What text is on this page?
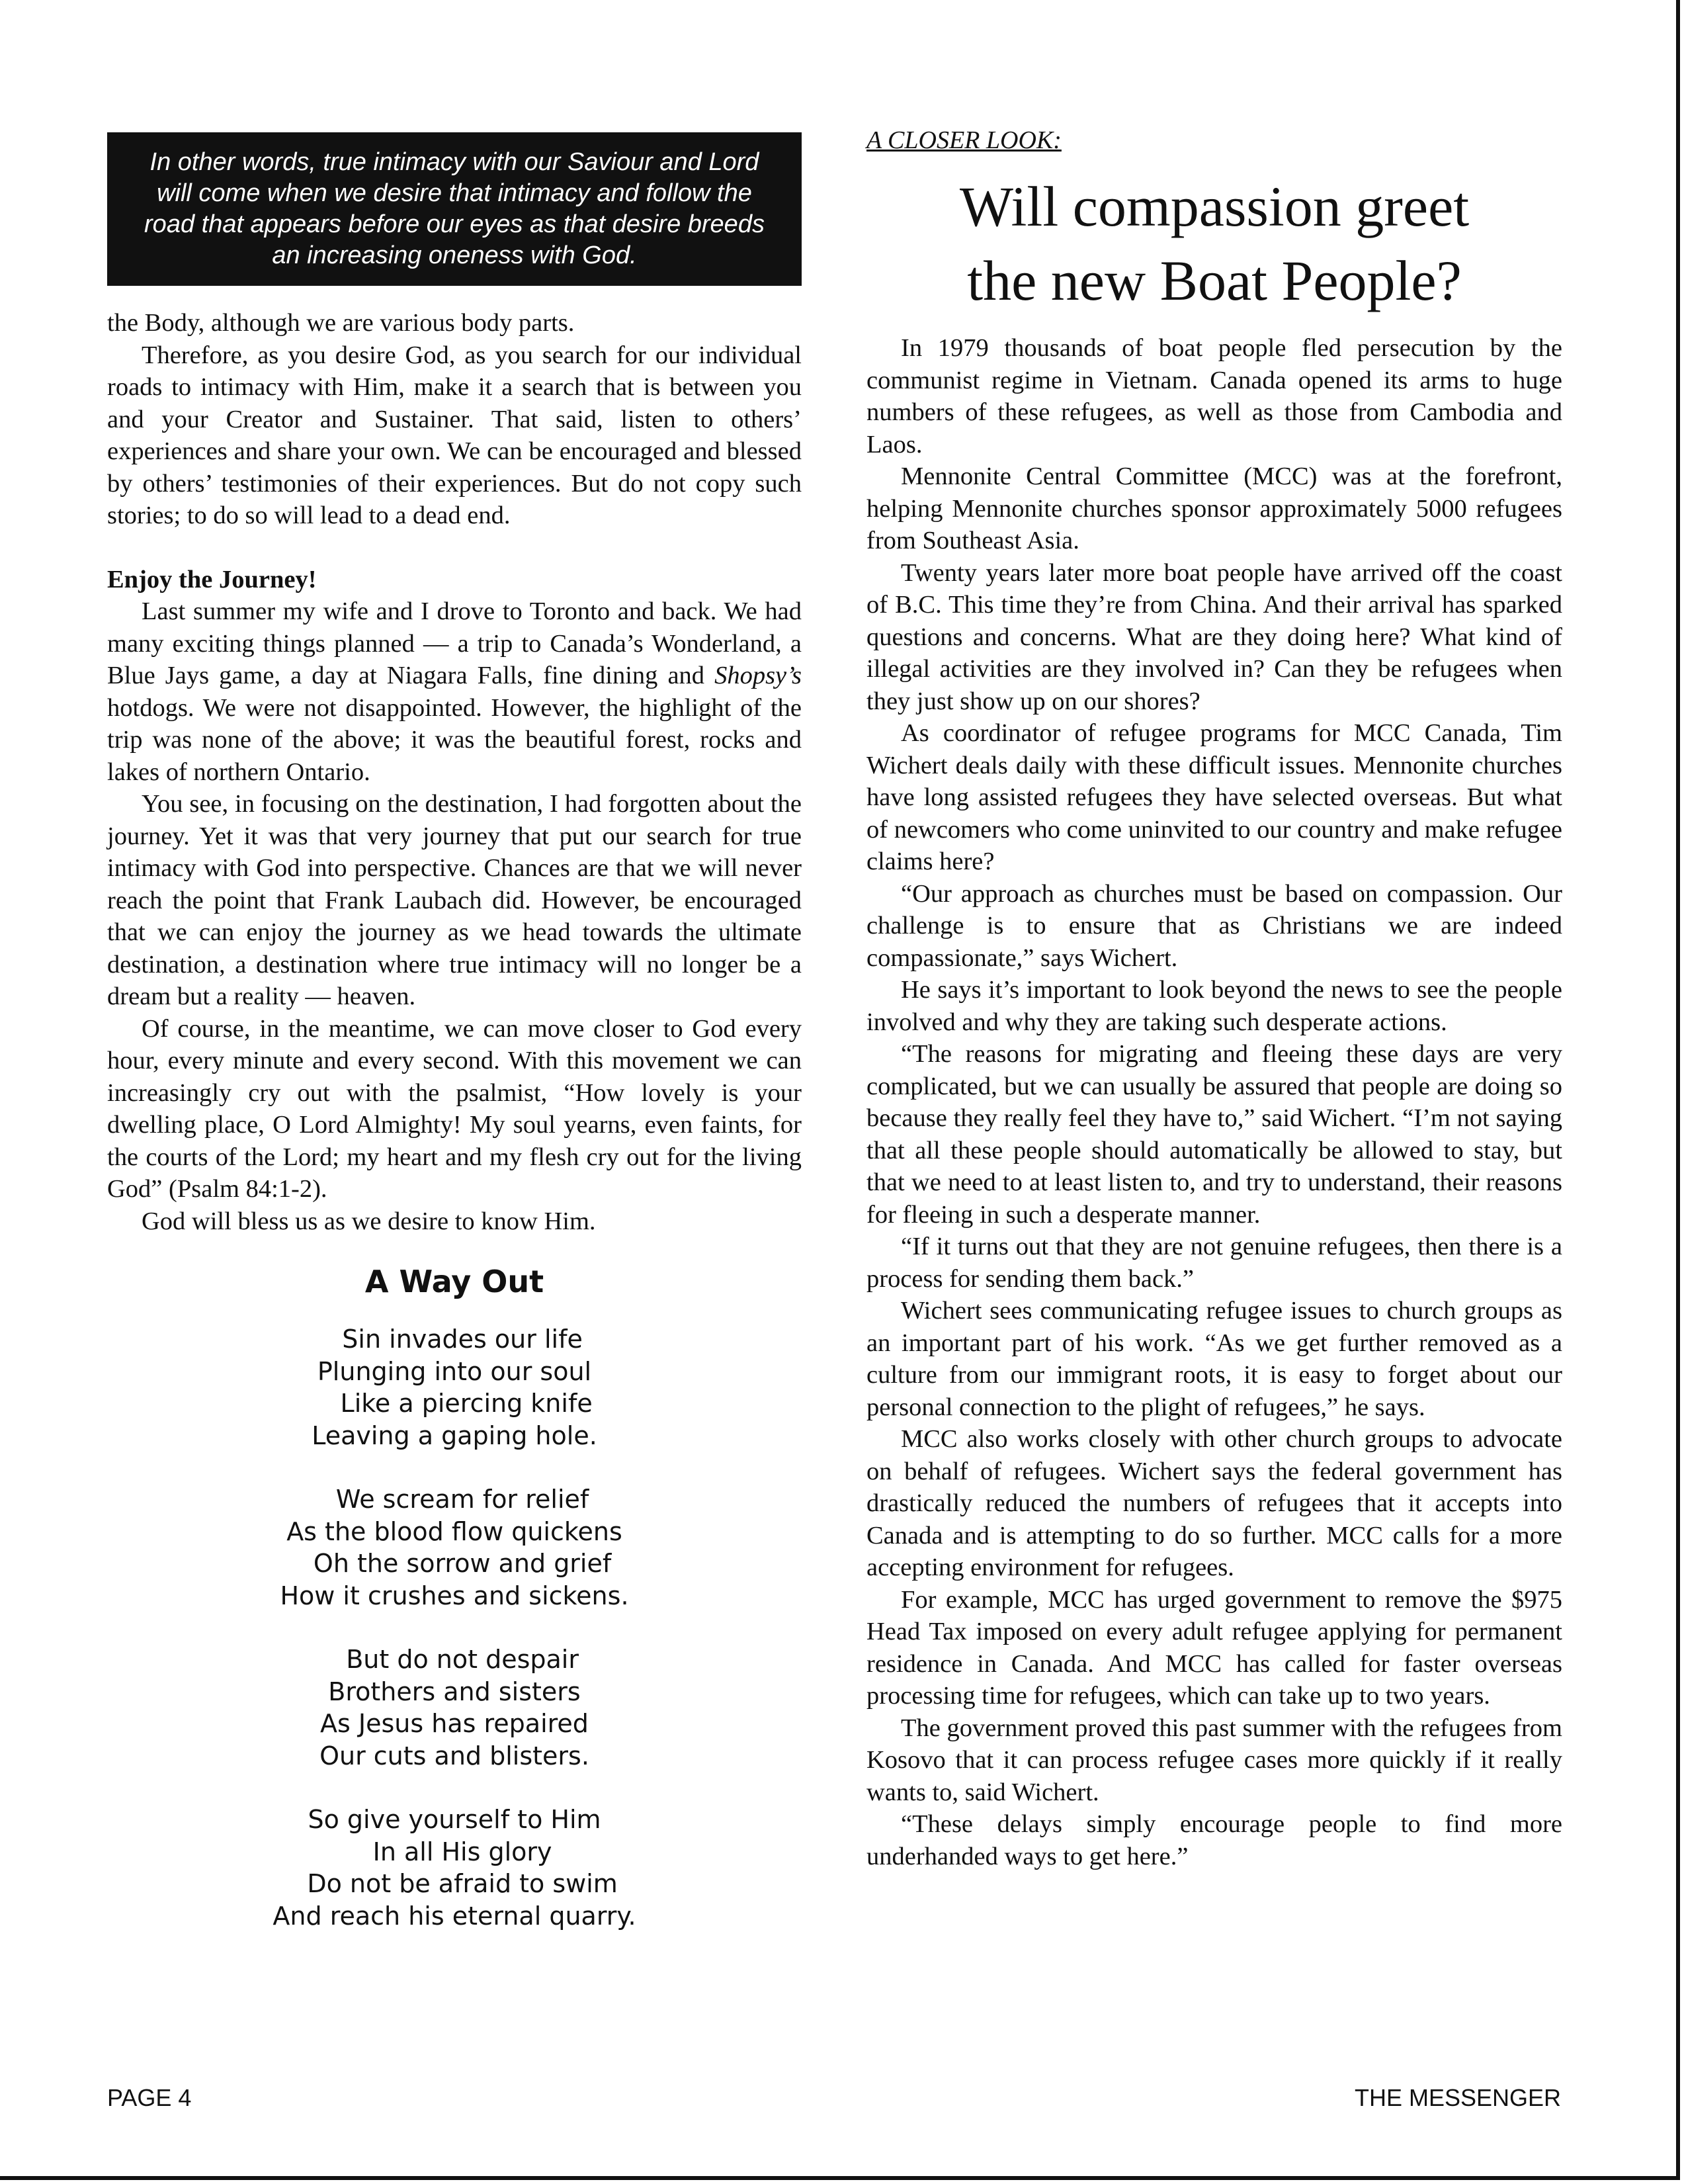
In other words, true intimacy with our Saviour and Lord will come when we desire that intimacy and follow the road that appears before our eyes as that desire breeds an increasing oneness with God.

the Body, although we are various body parts.

Therefore, as you desire God, as you search for our individual roads to intimacy with Him, make it a search that is between you and your Creator and Sustainer. That said, listen to others’ experiences and share your own. We can be encouraged and blessed by others’ testimonies of their experiences. But do not copy such stories; to do so will lead to a dead end.

Enjoy the Journey!

Last summer my wife and I drove to Toronto and back. We had many exciting things planned — a trip to Canada’s Wonderland, a Blue Jays game, a day at Niagara Falls, fine dining and Shopsy’s hotdogs. We were not disappointed. However, the highlight of the trip was none of the above; it was the beautiful forest, rocks and lakes of northern Ontario.

You see, in focusing on the destination, I had forgotten about the journey. Yet it was that very journey that put our search for true intimacy with God into perspective. Chances are that we will never reach the point that Frank Laubach did. However, be encouraged that we can enjoy the journey as we head towards the ultimate destination, a destination where true intimacy will no longer be a dream but a reality — heaven.

Of course, in the meantime, we can move closer to God every hour, every minute and every second. With this movement we can increasingly cry out with the psalmist, “How lovely is your dwelling place, O Lord Almighty! My soul yearns, even faints, for the courts of the Lord; my heart and my flesh cry out for the living God” (Psalm 84:1-2).

God will bless us as we desire to know Him.

A Way Out
Sin invades our life
Plunging into our soul
Like a piercing knife
Leaving a gaping hole.
We scream for relief
As the blood flow quickens
Oh the sorrow and grief
How it crushes and sickens.
But do not despair
Brothers and sisters
As Jesus has repaired
Our cuts and blisters.
So give yourself to Him
In all His glory
Do not be afraid to swim
And reach his eternal quarry.
A CLOSER LOOK:
Will compassion greet
the new Boat People?

In 1979 thousands of boat people fled persecution by the communist regime in Vietnam. Canada opened its arms to huge numbers of these refugees, as well as those from Cambodia and Laos.

Mennonite Central Committee (MCC) was at the forefront, helping Mennonite churches sponsor approximately 5000 refugees from Southeast Asia.

Twenty years later more boat people have arrived off the coast of B.C. This time they’re from China. And their arrival has sparked questions and concerns. What are they doing here? What kind of illegal activities are they involved in? Can they be refugees when they just show up on our shores?

As coordinator of refugee programs for MCC Canada, Tim Wichert deals daily with these difficult issues. Mennonite churches have long assisted refugees they have selected overseas. But what of newcomers who come uninvited to our country and make refugee claims here?

“Our approach as churches must be based on compassion. Our challenge is to ensure that as Christians we are indeed compassionate,” says Wichert.

He says it’s important to look beyond the news to see the people involved and why they are taking such desperate actions.

“The reasons for migrating and fleeing these days are very complicated, but we can usually be assured that people are doing so because they really feel they have to,” said Wichert. “I’m not saying that all these people should automatically be allowed to stay, but that we need to at least listen to, and try to understand, their reasons for fleeing in such a desperate manner.

“If it turns out that they are not genuine refugees, then there is a process for sending them back.”

Wichert sees communicating refugee issues to church groups as an important part of his work. “As we get further removed as a culture from our immigrant roots, it is easy to forget about our personal connection to the plight of refugees,” he says.

MCC also works closely with other church groups to advocate on behalf of refugees. Wichert says the federal government has drastically reduced the numbers of refugees that it accepts into Canada and is attempting to do so further. MCC calls for a more accepting environment for refugees.

For example, MCC has urged government to remove the $975 Head Tax imposed on every adult refugee applying for permanent residence in Canada. And MCC has called for faster overseas processing time for refugees, which can take up to two years.

The government proved this past summer with the refugees from Kosovo that it can process refugee cases more quickly if it really wants to, said Wichert.

“These delays simply encourage people to find more underhanded ways to get here.”

PAGE 4	THE MESSENGER
